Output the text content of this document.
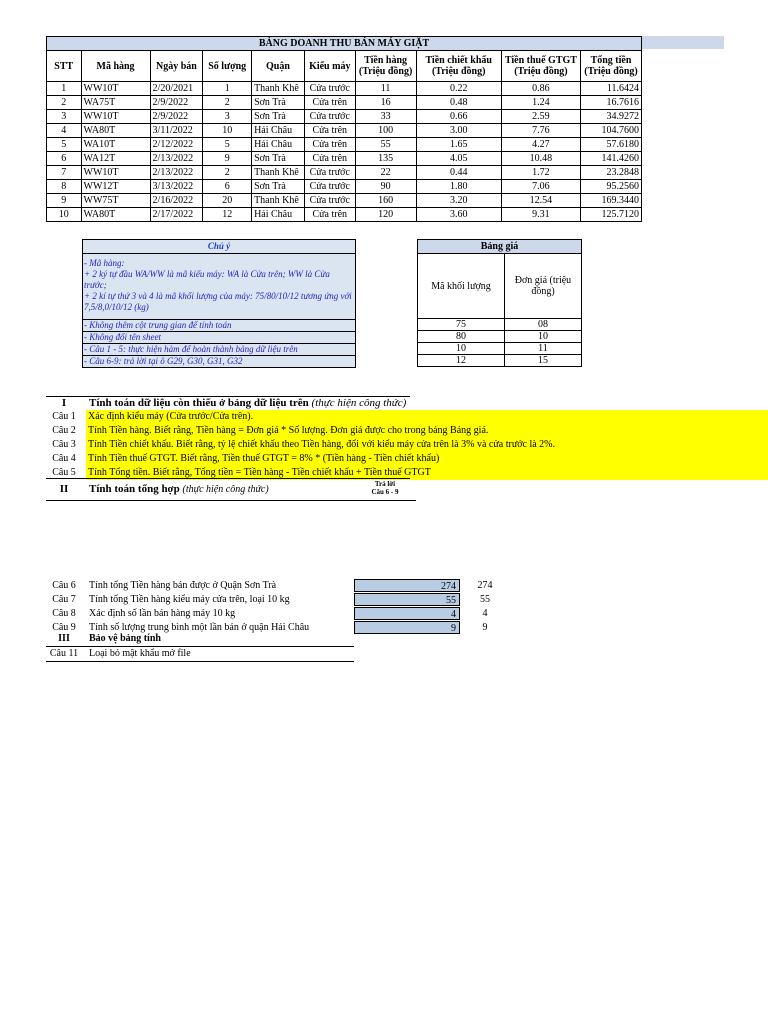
BẢNG DOANH THU BÁN MÁY GIẶT									
STT	Mã hàng	Ngày bán	Số lượng	Quận	Kiểu máy	Tiền hàng (Triệu đồng)	Tiền chiết khấu (Triệu đồng)	Tiền thuế GTGT (Triệu đồng)	Tổng tiền (Triệu đồng)
1	WW10T	2/20/2021	1	Thanh Khê	Cửa trước	11	0.22	0.86	11.6424
2	WA75T	2/9/2022	2	Sơn Trà	Cửa trên	16	0.48	1.24	16.7616
3	WW10T	2/9/2022	3	Sơn Trà	Cửa trước	33	0.66	2.59	34.9272
4	WA80T	3/11/2022	10	Hải Châu	Cửa trên	100	3.00	7.76	104.7600
5	WA10T	2/12/2022	5	Hải Châu	Cửa trên	55	1.65	4.27	57.6180
6	WA12T	2/13/2022	9	Sơn Trà	Cửa trên	135	4.05	10.48	141.4260
7	WW10T	2/13/2022	2	Thanh Khê	Cửa trước	22	0.44	1.72	23.2848
8	WW12T	3/13/2022	6	Sơn Trà	Cửa trước	90	1.80	7.06	95.2560
9	WW75T	2/16/2022	20	Thanh Khê	Cửa trước	160	3.20	12.54	169.3440
10	WA80T	2/17/2022	12	Hải Châu	Cửa trên	120	3.60	9.31	125.7120
Chú ý
- Mã hàng:
+ 2 ký tự đầu WA/WW là mã kiểu máy: WA là Cửa trên; WW là Cửa trước;
+ 2 kí tự thứ 3 và 4 là mã khối lượng của máy: 75/80/10/12 tương ứng với 7,5/8,0/10/12 (kg)
- Không thêm cột trung gian để tính toán
- Không đổi tên sheet
- Câu 1 - 5: thực hiện hàm để hoàn thành bảng dữ liệu trên
- Câu 6-9: trả lời tại ô G29, G30, G31, G32
Bảng giá	
Mã khối lượng	Đơn giá (triệu đồng)
75	08
80	10
10	11
12	15
I	Tính toán dữ liệu còn thiếu ở bảng dữ liệu trên (thực hiện công thức)
Câu 1	Xác định kiểu máy (Cửa trước/Cửa trên).
Câu 2	Tính Tiền hàng. Biết rằng, Tiền hàng = Đơn giá * Số lượng. Đơn giá được cho trong bảng Bảng giá.
Câu 3	Tính Tiền chiết khấu. Biết rằng, tỷ lệ chiết khấu theo Tiền hàng, đối với kiểu máy cửa trên là 3% và cửa trước là 2%.
Câu 4	Tính Tiền thuế GTGT. Biết rằng, Tiền thuế GTGT = 8% * (Tiền hàng - Tiền chiết khấu)
Câu 5	Tính Tổng tiền. Biết rằng, Tổng tiền = Tiền hàng - Tiền chiết khấu + Tiền thuế GTGT
II	Tính toán tổng hợp (thực hiện công thức)	Trả lời
Câu 6 - 9
Câu 6	Tính tổng Tiền hàng bán được ở Quận Sơn Trà	274	274
Câu 7	Tính tổng Tiền hàng kiểu máy cửa trên, loại 10 kg	55	55
Câu 8	Xác định số lần bán hàng máy 10 kg	4	4
Câu 9	Tính số lượng trung bình một lần bán ở quận Hải Châu	9	9
III	Bảo vệ bảng tính
Câu 11	Loại bỏ mật khẩu mở file
